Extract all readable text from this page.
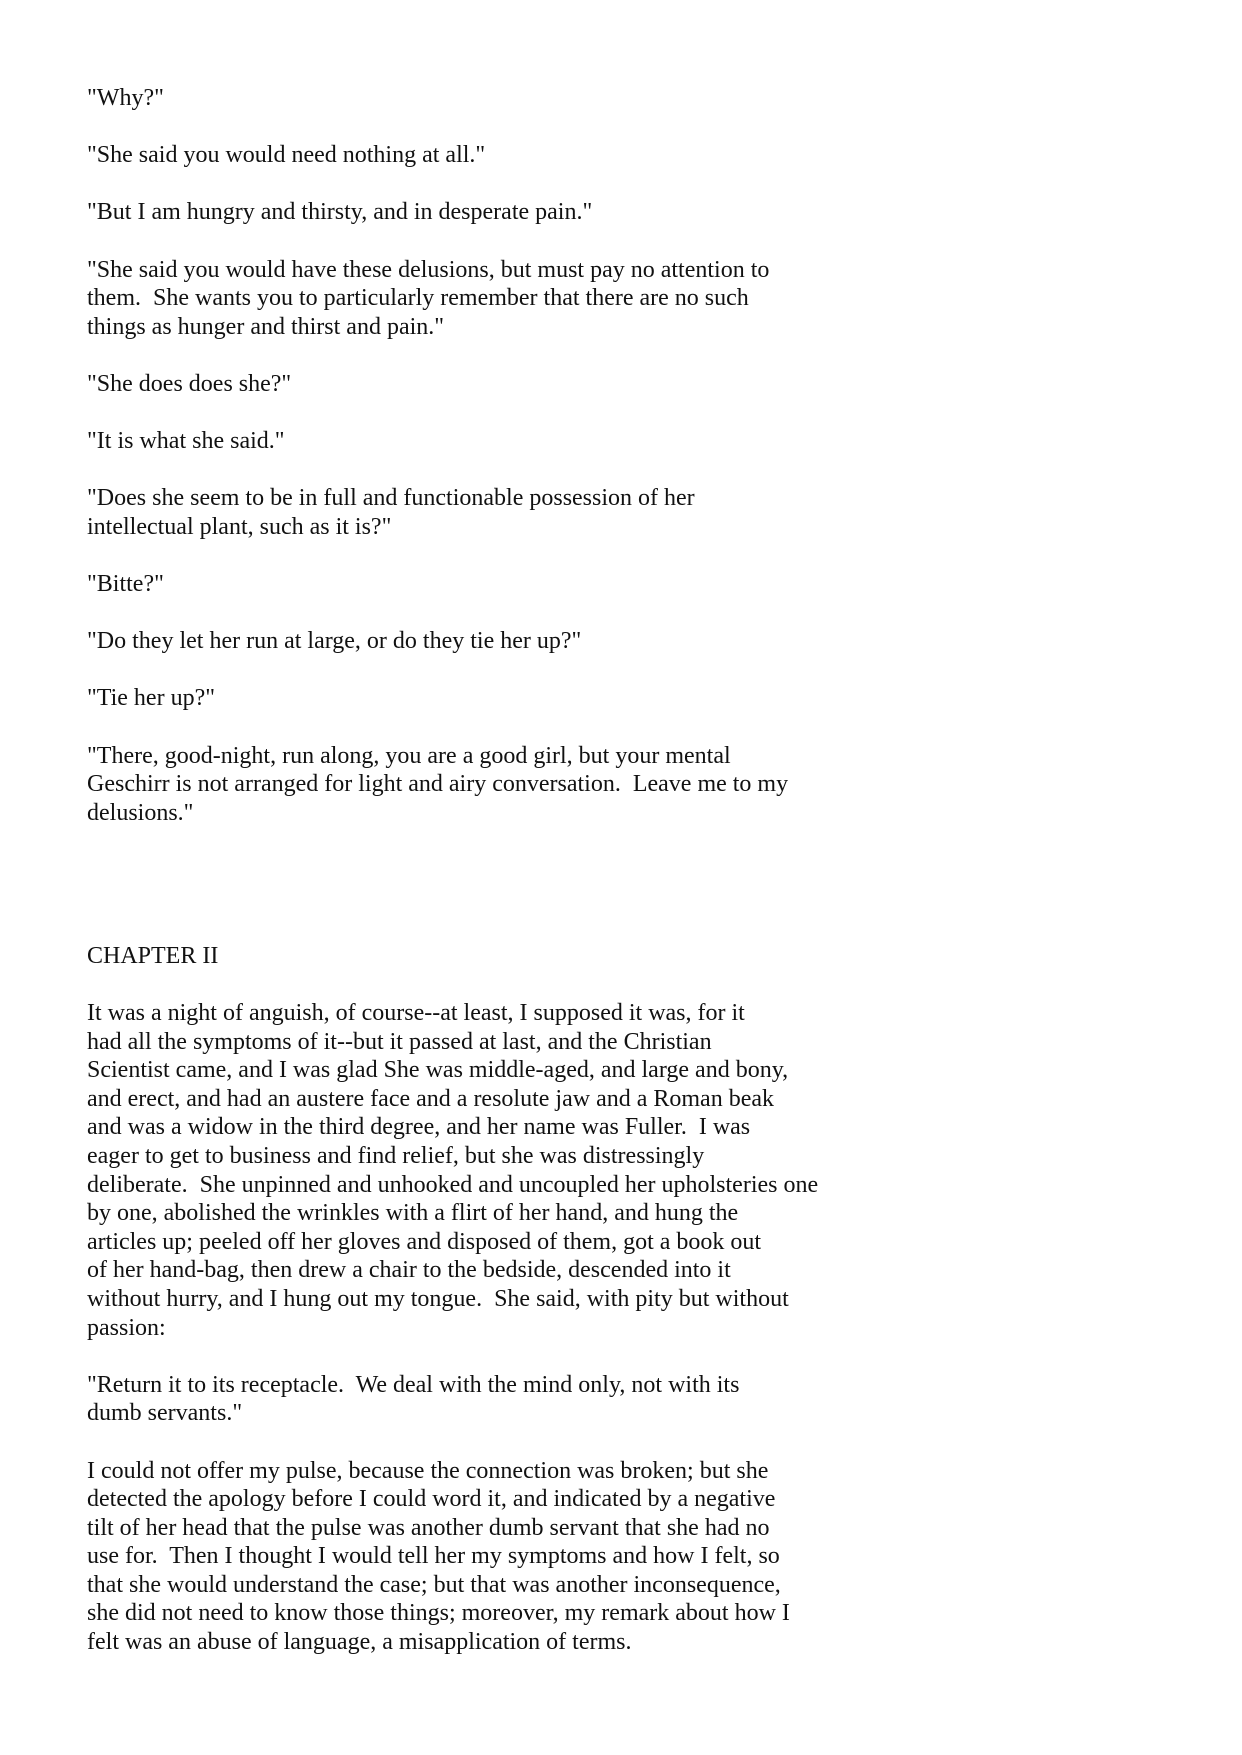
"Why?"
"She said you would need nothing at all."
"But I am hungry and thirsty, and in desperate pain."
"She said you would have these delusions, but must pay no attention to
them.  She wants you to particularly remember that there are no such
things as hunger and thirst and pain."
"She does does she?"
"It is what she said."
"Does she seem to be in full and functionable possession of her
intellectual plant, such as it is?"
"Bitte?"
"Do they let her run at large, or do they tie her up?"
"Tie her up?"
"There, good-night, run along, you are a good girl, but your mental
Geschirr is not arranged for light and airy conversation.  Leave me to my
delusions."
CHAPTER II
It was a night of anguish, of course--at least, I supposed it was, for it
had all the symptoms of it--but it passed at last, and the Christian
Scientist came, and I was glad She was middle-aged, and large and bony,
and erect, and had an austere face and a resolute jaw and a Roman beak
and was a widow in the third degree, and her name was Fuller.  I was
eager to get to business and find relief, but she was distressingly
deliberate.  She unpinned and unhooked and uncoupled her upholsteries one
by one, abolished the wrinkles with a flirt of her hand, and hung the
articles up; peeled off her gloves and disposed of them, got a book out
of her hand-bag, then drew a chair to the bedside, descended into it
without hurry, and I hung out my tongue.  She said, with pity but without
passion:
"Return it to its receptacle.  We deal with the mind only, not with its
dumb servants."
I could not offer my pulse, because the connection was broken; but she
detected the apology before I could word it, and indicated by a negative
tilt of her head that the pulse was another dumb servant that she had no
use for.  Then I thought I would tell her my symptoms and how I felt, so
that she would understand the case; but that was another inconsequence,
she did not need to know those things; moreover, my remark about how I
felt was an abuse of language, a misapplication of terms.
